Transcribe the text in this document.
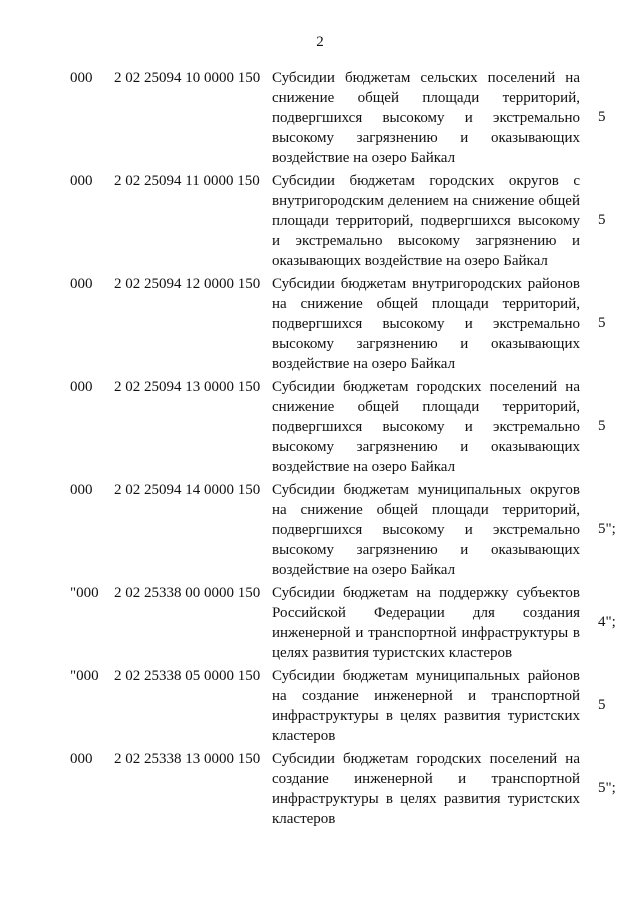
2
000	2 02 25094 10 0000 150 Субсидии бюджетам сельских поселений на снижение общей площади территорий, подвергшихся высокому и экстремально высокому загрязнению и оказывающих воздействие на озеро Байкал
5
000	2 02 25094 11 0000 150 Субсидии бюджетам городских округов с внутригородским делением на снижение общей площади территорий, подвергшихся высокому и экстремально высокому загрязнению и оказывающих воздействие на озеро Байкал
5
000	2 02 25094 12 0000 150 Субсидии бюджетам внутригородских районов на снижение общей площади территорий, подвергшихся высокому и экстремально высокому загрязнению и оказывающих воздействие на озеро Байкал
5
000	2 02 25094 13 0000 150 Субсидии бюджетам городских поселений на снижение общей площади территорий, подвергшихся высокому и экстремально высокому загрязнению и оказывающих воздействие на озеро Байкал
5
000	2 02 25094 14 0000 150 Субсидии бюджетам муниципальных округов на снижение общей площади территорий, подвергшихся высокому и экстремально высокому загрязнению и оказывающих воздействие на озеро Байкал
5";
"000	2 02 25338 00 0000 150 Субсидии бюджетам на поддержку субъектов Российской Федерации для создания инженерной и транспортной инфраструктуры в целях развития туристских кластеров
4";
"000	2 02 25338 05 0000 150 Субсидии бюджетам муниципальных районов на создание инженерной и транспортной инфраструктуры в целях развития туристских кластеров
5
000	2 02 25338 13 0000 150 Субсидии бюджетам городских поселений на создание инженерной и транспортной инфраструктуры в целях развития туристских кластеров
5";
